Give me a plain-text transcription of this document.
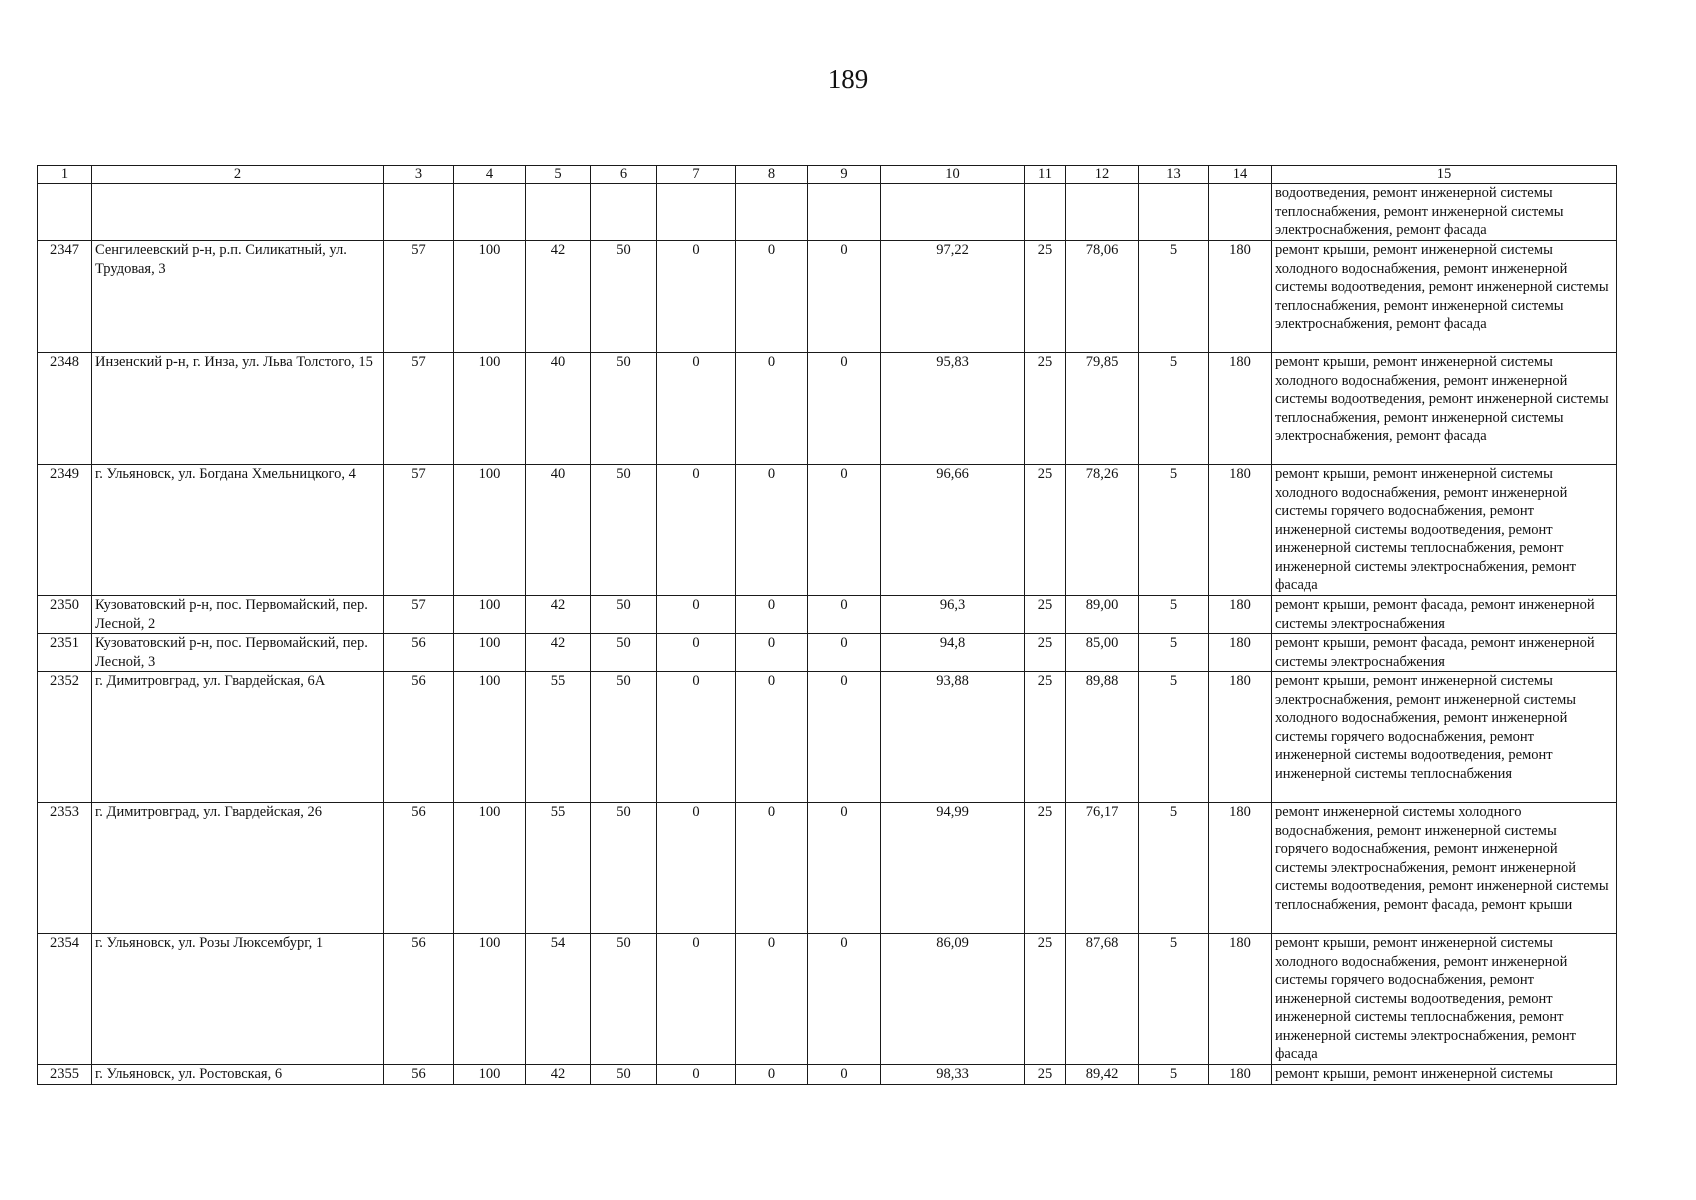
189
1	2	3	4	5	6	7	8	9	10	11	12	13	14	15
														водоотведения, ремонт инженерной системы теплоснабжения, ремонт инженерной системы электроснабжения, ремонт фасада
2347	Сенгилеевский р-н, р.п. Силикатный, ул. Трудовая, 3	57	100	42	50	0	0	0	97,22	25	78,06	5	180	ремонт крыши, ремонт инженерной системы холодного водоснабжения, ремонт инженерной системы водоотведения, ремонт инженерной системы теплоснабжения, ремонт инженерной системы электроснабжения, ремонт фасада
2348	Инзенский р-н, г. Инза, ул. Льва Толстого, 15	57	100	40	50	0	0	0	95,83	25	79,85	5	180	ремонт крыши, ремонт инженерной системы холодного водоснабжения, ремонт инженерной системы водоотведения, ремонт инженерной системы теплоснабжения, ремонт инженерной системы электроснабжения, ремонт фасада
2349	г. Ульяновск, ул. Богдана Хмельницкого, 4	57	100	40	50	0	0	0	96,66	25	78,26	5	180	ремонт крыши, ремонт инженерной системы холодного водоснабжения, ремонт инженерной системы горячего водоснабжения, ремонт инженерной системы водоотведения, ремонт инженерной системы теплоснабжения, ремонт инженерной системы электроснабжения, ремонт фасада
2350	Кузоватовский р-н, пос. Первомайский, пер. Лесной, 2	57	100	42	50	0	0	0	96,3	25	89,00	5	180	ремонт крыши, ремонт фасада, ремонт инженерной системы электроснабжения
2351	Кузоватовский р-н, пос. Первомайский, пер. Лесной, 3	56	100	42	50	0	0	0	94,8	25	85,00	5	180	ремонт крыши, ремонт фасада, ремонт инженерной системы электроснабжения
2352	г. Димитровград, ул. Гвардейская, 6А	56	100	55	50	0	0	0	93,88	25	89,88	5	180	ремонт крыши, ремонт инженерной системы электроснабжения, ремонт инженерной системы холодного водоснабжения, ремонт инженерной системы горячего водоснабжения, ремонт инженерной системы водоотведения, ремонт инженерной системы теплоснабжения
2353	г. Димитровград, ул. Гвардейская, 26	56	100	55	50	0	0	0	94,99	25	76,17	5	180	ремонт инженерной системы холодного водоснабжения, ремонт инженерной системы горячего водоснабжения, ремонт инженерной системы электроснабжения, ремонт инженерной системы водоотведения, ремонт инженерной системы теплоснабжения, ремонт фасада, ремонт крыши
2354	г. Ульяновск, ул. Розы Люксембург, 1	56	100	54	50	0	0	0	86,09	25	87,68	5	180	ремонт крыши, ремонт инженерной системы холодного водоснабжения, ремонт инженерной системы горячего водоснабжения, ремонт инженерной системы водоотведения, ремонт инженерной системы теплоснабжения, ремонт инженерной системы электроснабжения, ремонт фасада
2355	г. Ульяновск, ул. Ростовская, 6	56	100	42	50	0	0	0	98,33	25	89,42	5	180	ремонт крыши, ремонт инженерной системы
